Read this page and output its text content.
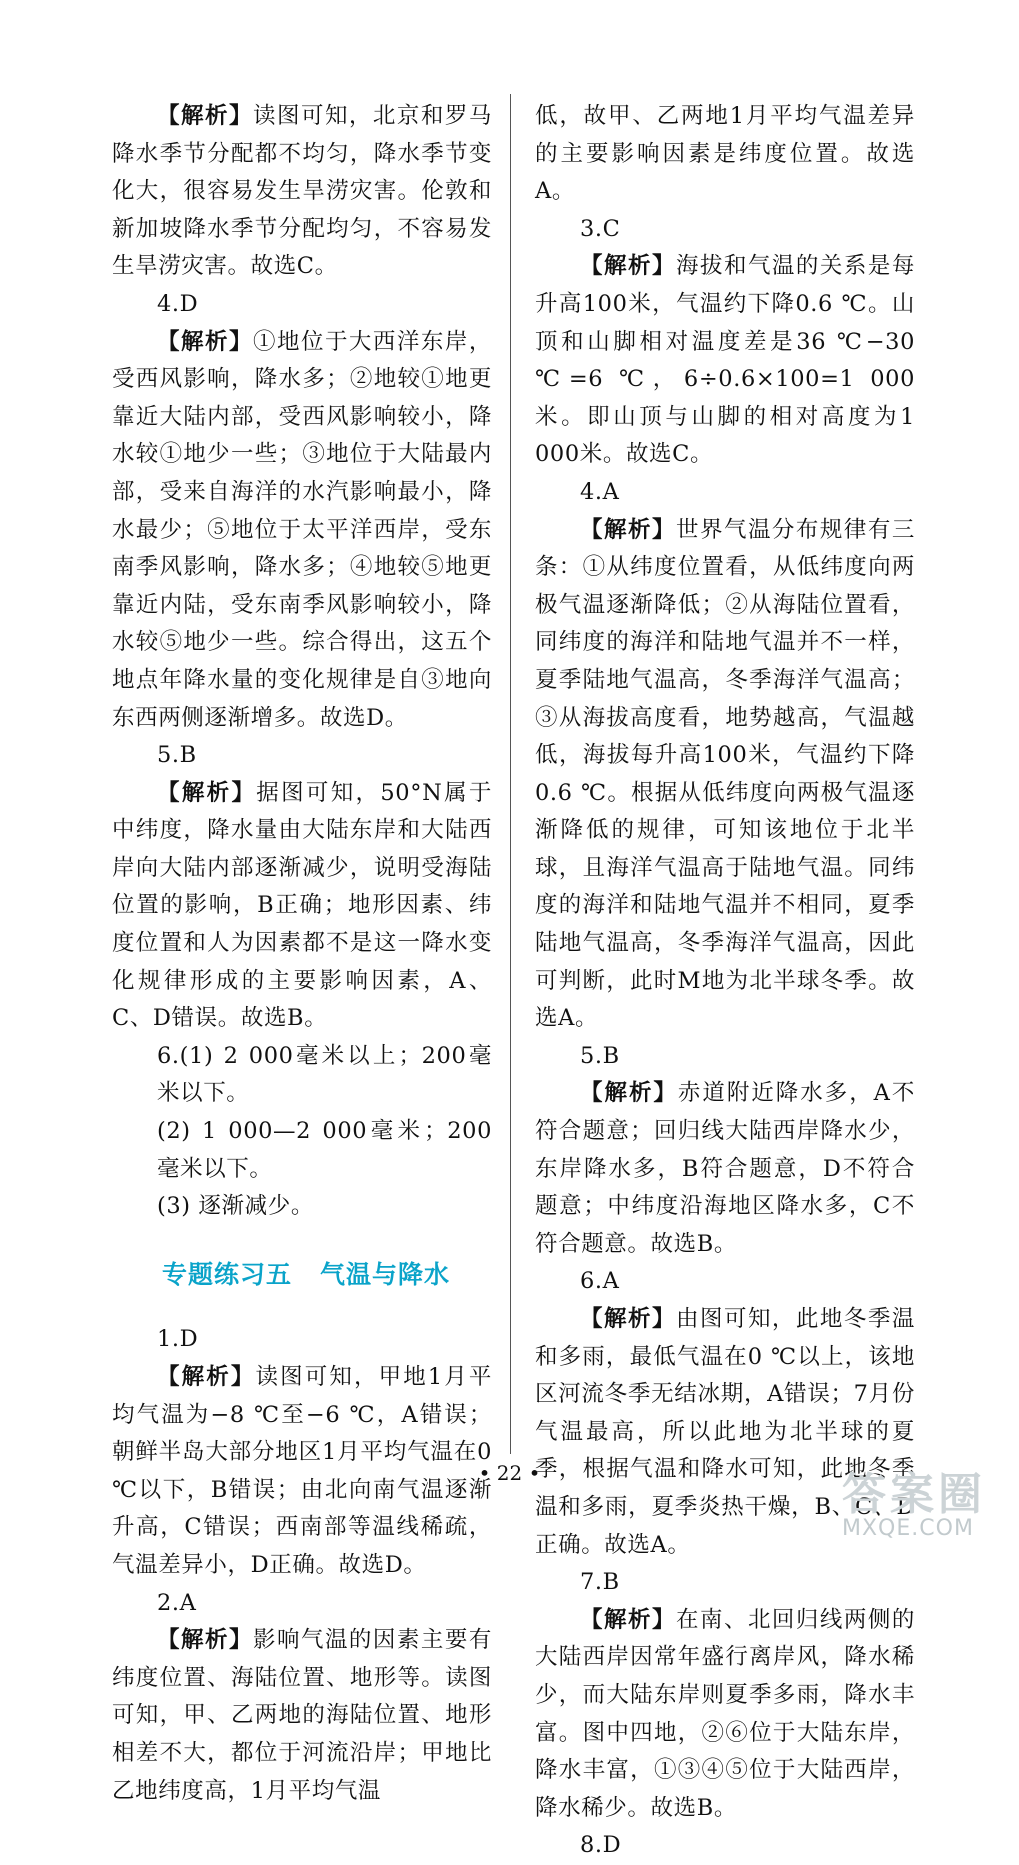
【解析】读图可知，北京和罗马降水季节分配都不均匀，降水季节变化大，很容易发生旱涝灾害。伦敦和新加坡降水季节分配均匀，不容易发生旱涝灾害。故选C。

4.D

【解析】①地位于大西洋东岸，受西风影响，降水多；②地较①地更靠近大陆内部，受西风影响较小，降水较①地少一些；③地位于大陆最内部，受来自海洋的水汽影响最小，降水最少；⑤地位于太平洋西岸，受东南季风影响，降水多；④地较⑤地更靠近内陆，受东南季风影响较小，降水较⑤地少一些。综合得出，这五个地点年降水量的变化规律是自③地向东西两侧逐渐增多。故选D。

5.B

【解析】据图可知，50°N属于中纬度，降水量由大陆东岸和大陆西岸向大陆内部逐渐减少，说明受海陆位置的影响，B正确；地形因素、纬度位置和人为因素都不是这一降水变化规律形成的主要影响因素，A、C、D错误。故选B。

6.(1) 2 000毫米以上；200毫米以下。

(2) 1 000—2 000毫米；200毫米以下。

(3) 逐渐减少。

专题练习五 气温与降水

1.D

【解析】读图可知，甲地1月平均气温为−8 ℃至−6 ℃，A错误；朝鲜半岛大部分地区1月平均气温在0 ℃以下，B错误；由北向南气温逐渐升高，C错误；西南部等温线稀疏，气温差异小，D正确。故选D。

2.A

【解析】影响气温的因素主要有纬度位置、海陆位置、地形等。读图可知，甲、乙两地的海陆位置、地形相差不大，都位于河流沿岸；甲地比乙地纬度高，1月平均气温

低，故甲、乙两地1月平均气温差异的主要影响因素是纬度位置。故选A。

3.C

【解析】海拔和气温的关系是每升高100米，气温约下降0.6 ℃。山顶和山脚相对温度差是36 ℃−30 ℃=6 ℃，6÷0.6×100=1 000米。即山顶与山脚的相对高度为1 000米。故选C。

4.A

【解析】世界气温分布规律有三条：①从纬度位置看，从低纬度向两极气温逐渐降低；②从海陆位置看，同纬度的海洋和陆地气温并不一样，夏季陆地气温高，冬季海洋气温高；③从海拔高度看，地势越高，气温越低，海拔每升高100米，气温约下降0.6 ℃。根据从低纬度向两极气温逐渐降低的规律，可知该地位于北半球，且海洋气温高于陆地气温。同纬度的海洋和陆地气温并不相同，夏季陆地气温高，冬季海洋气温高，因此可判断，此时M地为北半球冬季。故选A。

5.B

【解析】赤道附近降水多，A不符合题意；回归线大陆西岸降水少，东岸降水多，B符合题意，D不符合题意；中纬度沿海地区降水多，C不符合题意。故选B。

6.A

【解析】由图可知，此地冬季温和多雨，最低气温在0 ℃以上，该地区河流冬季无结冰期，A错误；7月份气温最高，所以此地为北半球的夏季，根据气温和降水可知，此地冬季温和多雨，夏季炎热干燥，B、C、D正确。故选A。

7.B

【解析】在南、北回归线两侧的大陆西岸因常年盛行离岸风，降水稀少，而大陆东岸则夏季多雨，降水丰富。图中四地，②⑥位于大陆东岸，降水丰富，①③④⑤位于大陆西岸，降水稀少。故选B。

8.D

• 22 •	答案圈
MXQE.COM
